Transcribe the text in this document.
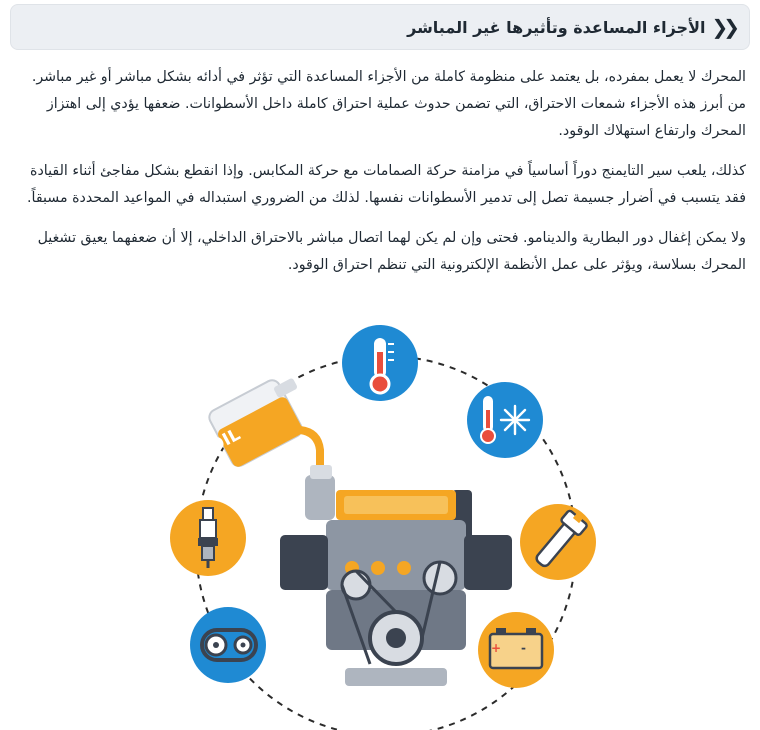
❮❮
الأجزاء المساعدة وتأثيرها غير المباشر

المحرك لا يعمل بمفرده، بل يعتمد على منظومة كاملة من الأجزاء المساعدة التي تؤثر في أدائه بشكل مباشر أو غير مباشر. من أبرز هذه الأجزاء شمعات الاحتراق، التي تضمن حدوث عملية احتراق كاملة داخل الأسطوانات. ضعفها يؤدي إلى اهتزاز المحرك وارتفاع استهلاك الوقود.

كذلك، يلعب سير التايمنج دوراً أساسياً في مزامنة حركة الصمامات مع حركة المكابس. وإذا انقطع بشكل مفاجئ أثناء القيادة فقد يتسبب في أضرار جسيمة تصل إلى تدمير الأسطوانات نفسها. لذلك من الضروري استبداله في المواعيد المحددة مسبقاً.

ولا يمكن إغفال دور البطارية والدينامو. فحتى وإن لم يكن لهما اتصال مباشر بالاحتراق الداخلي، إلا أن ضعفهما يعيق تشغيل المحرك بسلاسة، ويؤثر على عمل الأنظمة الإلكترونية التي تنظم احتراق الوقود.

+ -
OIL
